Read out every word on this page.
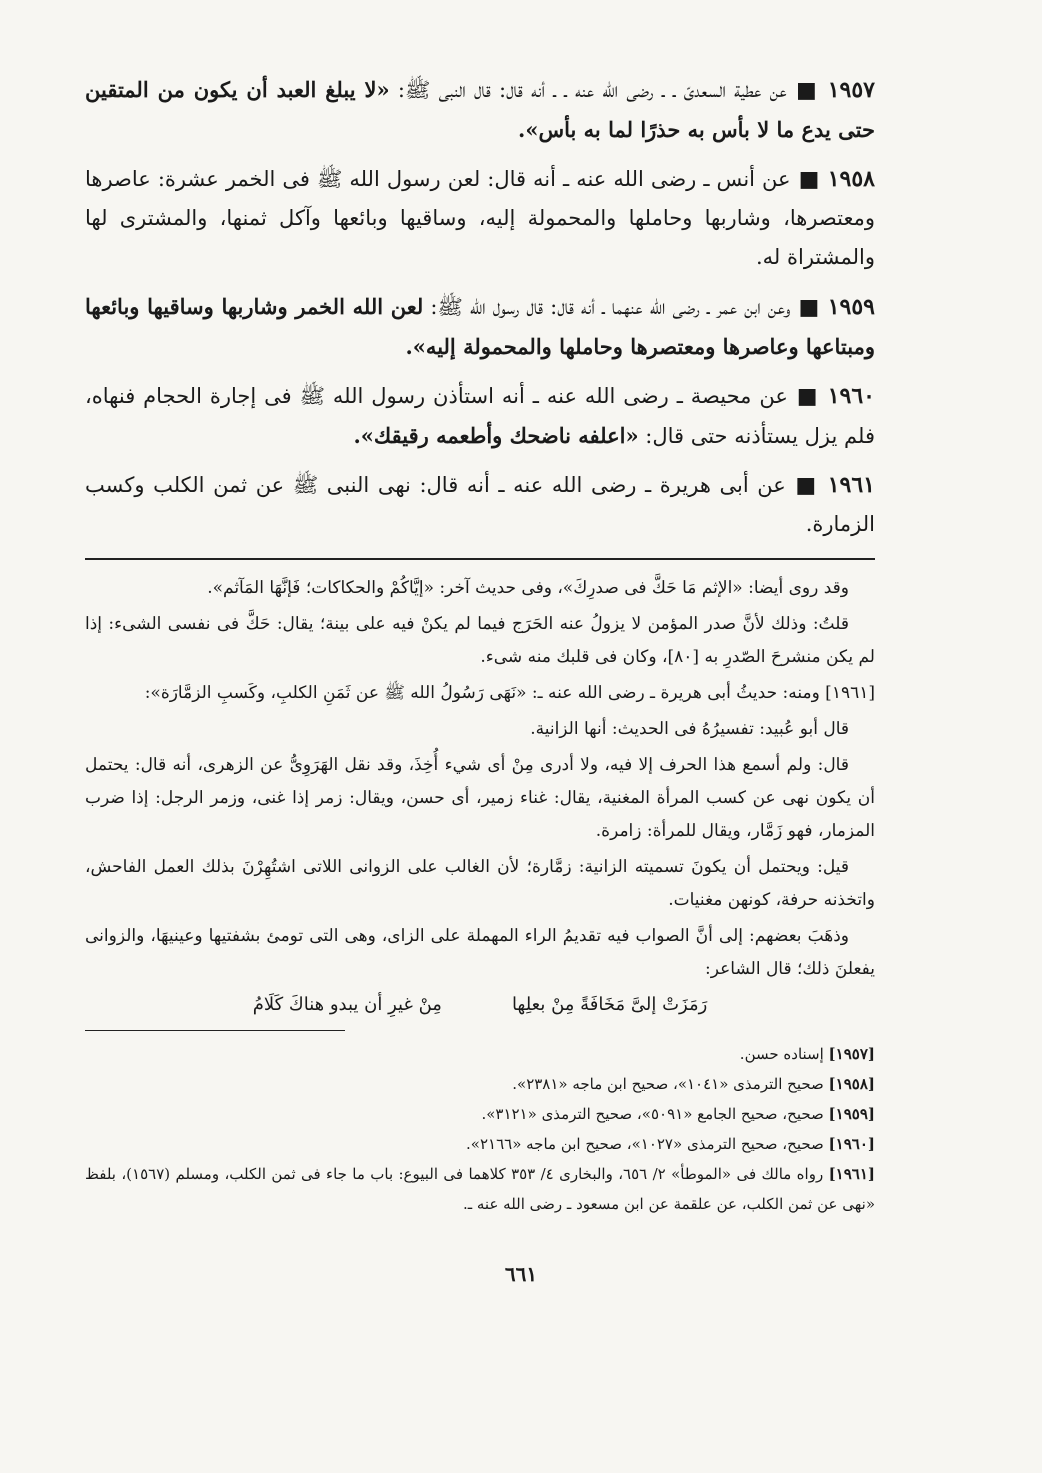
١٩٥٧ ■ عن عطية السعدىّ ـ ـ رضى الله عنه ـ ـ أنه قال: قال النبى ﷺ: «لا يبلغ العبد أن يكون من المتقين حتى يدع ما لا بأس به حذرًا لما به بأس».

١٩٥٨ ■ عن أنس ـ رضى الله عنه ـ أنه قال: لعن رسول الله ﷺ فى الخمر عشرة: عاصرها ومعتصرها، وشاربها وحاملها والمحمولة إليه، وساقيها وبائعها وآكل ثمنها، والمشترى لها والمشتراة له.

١٩٥٩ ■ وعن ابن عمر ـ رضى الله عنهما ـ أنه قال: قال رسول الله ﷺ: لعن الله الخمر وشاربها وساقيها وبائعها ومبتاعها وعاصرها ومعتصرها وحاملها والمحمولة إليه».

١٩٦٠ ■ عن محيصة ـ رضى الله عنه ـ أنه استأذن رسول الله ﷺ فى إجارة الحجام فنهاه، فلم يزل يستأذنه حتى قال: «اعلفه ناضحك وأطعمه رقيقك».

١٩٦١ ■ عن أبى هريرة ـ رضى الله عنه ـ أنه قال: نهى النبى ﷺ عن ثمن الكلب وكسب الزمارة.

وقد روى أيضا: «الإثم مَا حَكَّ فى صدرِكَ»، وفى حديث آخر: «إيَّاكُمْ والحكاكات؛ فَإنَّهَا المَآثم».

قلتُ: وذلك لأنَّ صدر المؤمن لا يزولُ عنه الحَرَج فيما لم يكنْ فيه على بينة؛ يقال: حَكَّ فى نفسى الشىء: إذا لم يكن منشرحَ الصّدرِ به [٨٠]، وكان فى قلبك منه شىء.

[١٩٦١] ومنه: حديثُ أبى هريرة ـ رضى الله عنه ـ: «نَهَى رَسُولُ الله ﷺ عن ثَمَنِ الكلبِ، وكَسبِ الزمَّارَة»:

قال أبو عُبيد: تفسيرُهُ فى الحديث: أنها الزانية.

قال: ولم أسمع هذا الحرف إلا فيه، ولا أدرى مِنْ أى شيء أُخِذَ، وقد نقل الهَرَوِىُّ عن الزهرى، أنه قال: يحتمل أن يكون نهى عن كسب المرأة المغنية، يقال: غناء زمير، أى حسن، ويقال: زمر إذا غنى، وزمر الرجل: إذا ضرب المزمار، فهو زَمَّار، ويقال للمرأة: زامرة.

قيل: ويحتمل أن يكونَ تسميته الزانية: زمَّارة؛ لأن الغالب على الزوانى اللاتى اشتُهِرْنَ بذلك العمل الفاحش، واتخذنه حرفة، كونهن مغنيات.

وذهَبَ بعضهم: إلى أنَّ الصواب فيه تقديمُ الراء المهملة على الزاى، وهى التى تومئ بشفتيها وعينيهَا، والزوانى يفعلنَ ذلك؛ قال الشاعر:

رَمَزَتْ إلىَّ مَخَافَةً مِنْ بعلِها
مِنْ غيرِ أن يبدو هناكَ كَلَامُ

[١٩٥٧] إسناده حسن.

[١٩٥٨] صحيح الترمذى «١٠٤١»، صحيح ابن ماجه «٢٣٨١».

[١٩٥٩] صحيح، صحيح الجامع «٥٠٩١»، صحيح الترمذى «٣١٢١».

[١٩٦٠] صحيح، صحيح الترمذى «١٠٢٧»، صحيح ابن ماجه «٢١٦٦».

[١٩٦١] رواه مالك فى «الموطأ» ٢/ ٦٥٦، والبخارى ٤/ ٣٥٣ كلاهما فى البيوع: باب ما جاء فى ثمن الكلب، ومسلم (١٥٦٧)، بلفظ «نهى عن ثمن الكلب، عن علقمة عن ابن مسعود ـ رضى الله عنه ـ.

٦٦١
